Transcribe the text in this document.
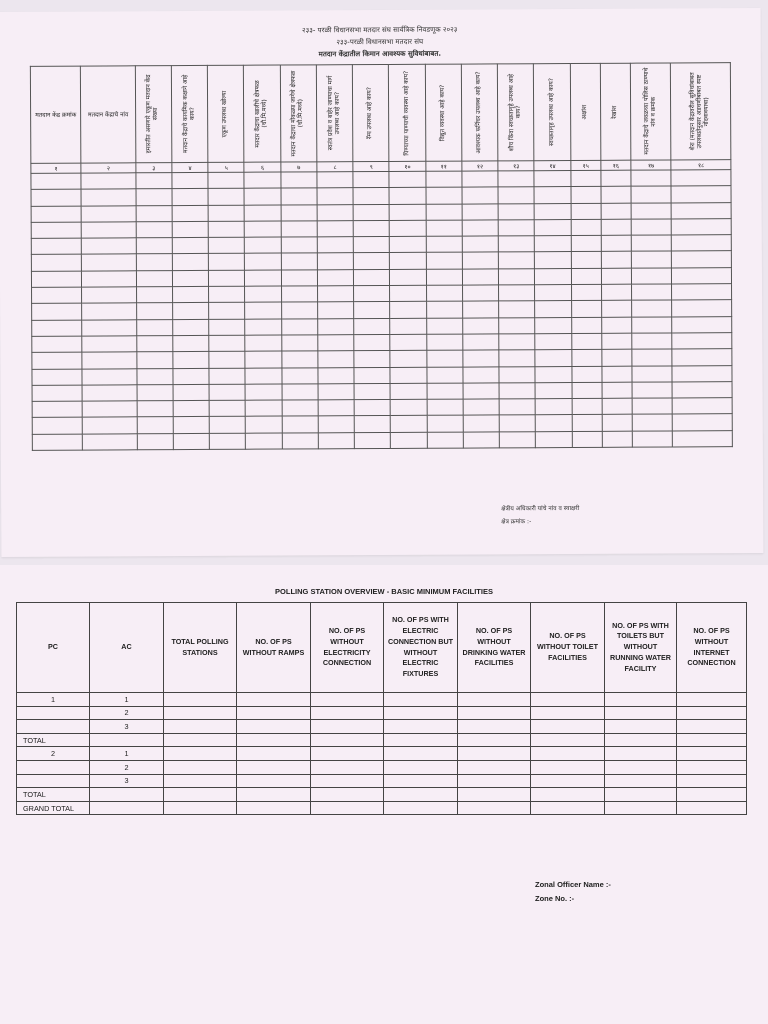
२३३- परळी विधानसभा मतदार संघ सार्वत्रिक निवडणूक २०२३
२३३-परळी विधानसभा मतदार संघ
मतदान केंद्रातील किमान आवश्यक सुविधांबाबत.
मतदान केंद्र क्रमांक	मतदान केंद्राचे नांव	इमारतीत असणारे एकूण मतदान केंद्र संख्या	मतदान केंद्राचे कायमिक कक्षाने आहे काय?	एकूण उपलब्ध खोल्या	मतदार केंद्राचा खालीचे क्षेत्रफळ (चौ.मि.मध्ये)	मतदान केंद्राचा मोकळ्या जागेचे क्षेत्रफळ (चौ.मि.मध्ये)	स्वतंत्र प्रवेश व बाहेर जाण्याचा मार्ग उपलब्ध आहे काय?	रॅम्प उपलब्ध आहे काय?	पिण्याच्या पाण्याची व्यवस्था आहे काय?	विद्युत व्यवस्था आहे काय?	आवश्यक फर्निचर उपलब्ध आहे काय?	शौच किंवा स्वच्छतागृहे उपलब्ध आहे काय?	स्वच्छतागृह उपलब्ध आहे काय?	अक्षांश	रेखांश	मतदान केंद्राचे जवळच्या पोलिस ठाण्याचे नांव व क्रमांक	शेरा (मतदान केंद्रावरील सुविधांबाबत उपलब्धतेनुसार अडचणींबाबत स्पष्ट नोंदवावयाचा)

१	२	३	४	५	६	७	८	९	१०	११	१२	१३	१४	१५	१६	१७	१८

क्षेत्रीय अधिकारी यांचे नांव व स्वाक्षरी
क्षेत्र क्रमांक :-
POLLING STATION OVERVIEW - BASIC MINIMUM FACILITIES
PC	AC	TOTAL POLLING STATIONS	NO. OF PS WITHOUT RAMPS	NO. OF PS WITHOUT ELECTRICITY CONNECTION	NO. OF PS WITH ELECTRIC CONNECTION BUT WITHOUT ELECTRIC FIXTURES	NO. OF PS WITHOUT DRINKING WATER FACILITIES	NO. OF PS WITHOUT TOILET FACILITIES	NO. OF PS WITH TOILETS BUT WITHOUT RUNNING WATER FACILITY	NO. OF PS WITHOUT INTERNET CONNECTION
1	1								
	2								
	3								
TOTAL									
2	1								
	2								
	3								
TOTAL									
GRAND TOTAL									
Zonal Officer Name :-
Zone No. :-
